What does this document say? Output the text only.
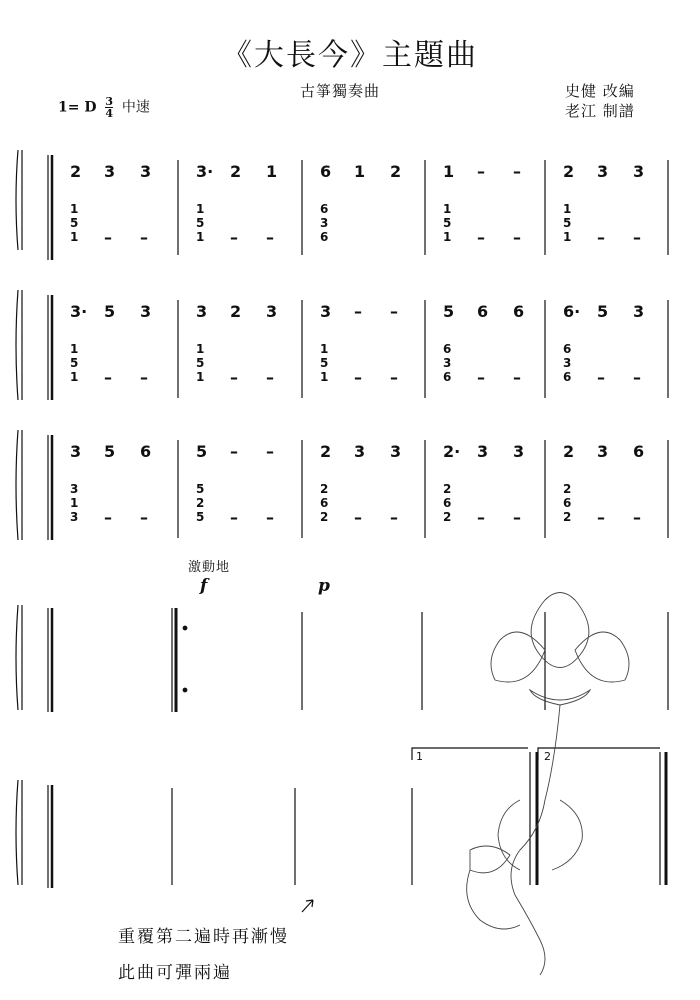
《大長今》主題曲
古箏獨奏曲	史健 改編
老江 制譜
1= D $\frac{3}{4}$ 中速
激動地
2 3 3
1
5
1 – –
3· 2 1
1
5
1 – –
6 1 2
6
3
6
1 – –
1
5
1 – –
2 3 3
1
5
1 – –
3· 5 3
1
5
1 – –
3 2 3
1
5
1 – –
3 – –
1
5
1 – –
5 6 6
6
3
6 – –
6· 5 3
6
3
6 – –
3 5 6
3
1
3 – –
5 – –
5
2
5 – –
2 3 3
2
6
2 – –
2· 3 3
2
6
2 – –
2 3 6
2
6
2 – –
重覆第二遍時再漸慢
此曲可彈兩遍
f	p
1	2
